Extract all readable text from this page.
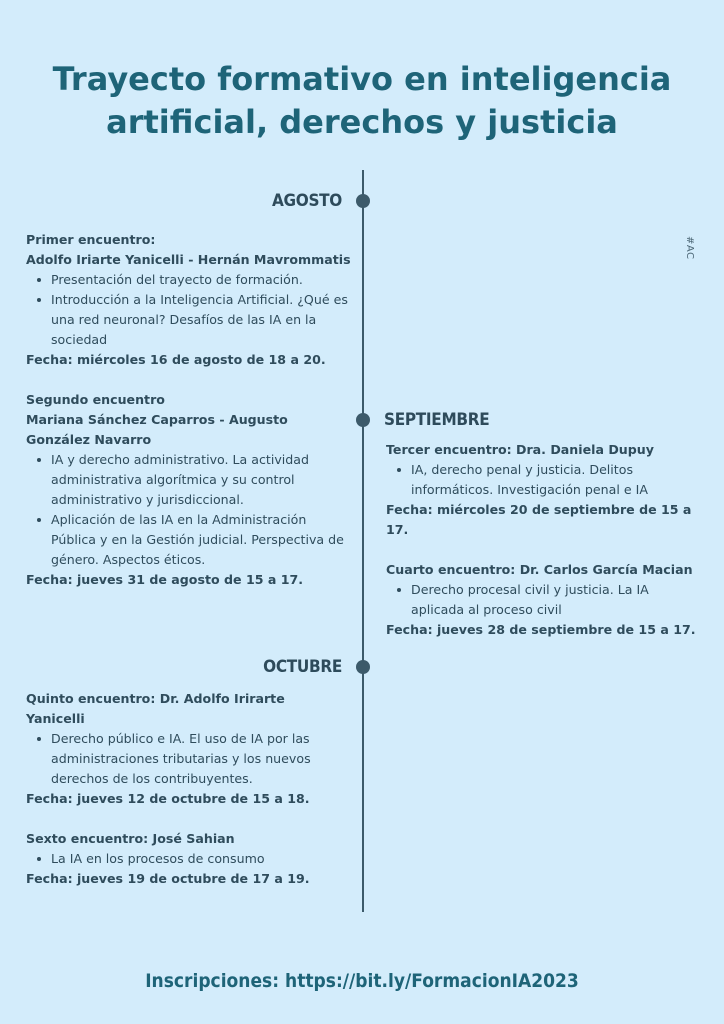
Trayecto formativo en inteligencia
artificial, derechos y justicia
#AC
AGOSTO
SEPTIEMBRE
OCTUBRE
Primer encuentro:
Adolfo Iriarte Yanicelli - Hernán Mavrommatis
Presentación del trayecto de formación.
Introducción a la Inteligencia Artificial. ¿Qué es una red neuronal? Desafíos de las IA en la sociedad
Fecha: miércoles 16 de agosto de 18 a 20.
Segundo encuentro
Mariana Sánchez Caparros - Augusto González Navarro
IA y derecho administrativo. La actividad administrativa algorítmica y su control administrativo y jurisdiccional.
Aplicación de las IA en la Administración Pública y en la Gestión judicial. Perspectiva de género. Aspectos éticos.
Fecha: jueves 31 de agosto de 15 a 17.
Tercer encuentro: Dra. Daniela Dupuy
IA, derecho penal y justicia. Delitos informáticos. Investigación penal e IA
Fecha: miércoles 20 de septiembre de 15 a 17.
Cuarto encuentro: Dr. Carlos García Macian
Derecho procesal civil y justicia. La IA aplicada al proceso civil
Fecha: jueves 28 de septiembre de 15 a 17.
Quinto encuentro: Dr. Adolfo Irirarte Yanicelli
Derecho público e IA. El uso de IA por las administraciones tributarias y los nuevos derechos de los contribuyentes.
Fecha: jueves 12 de octubre de 15 a 18.
Sexto encuentro: José Sahian
La IA en los procesos de consumo
Fecha: jueves 19 de octubre de 17 a 19.
Inscripciones: https://bit.ly/FormacionIA2023
